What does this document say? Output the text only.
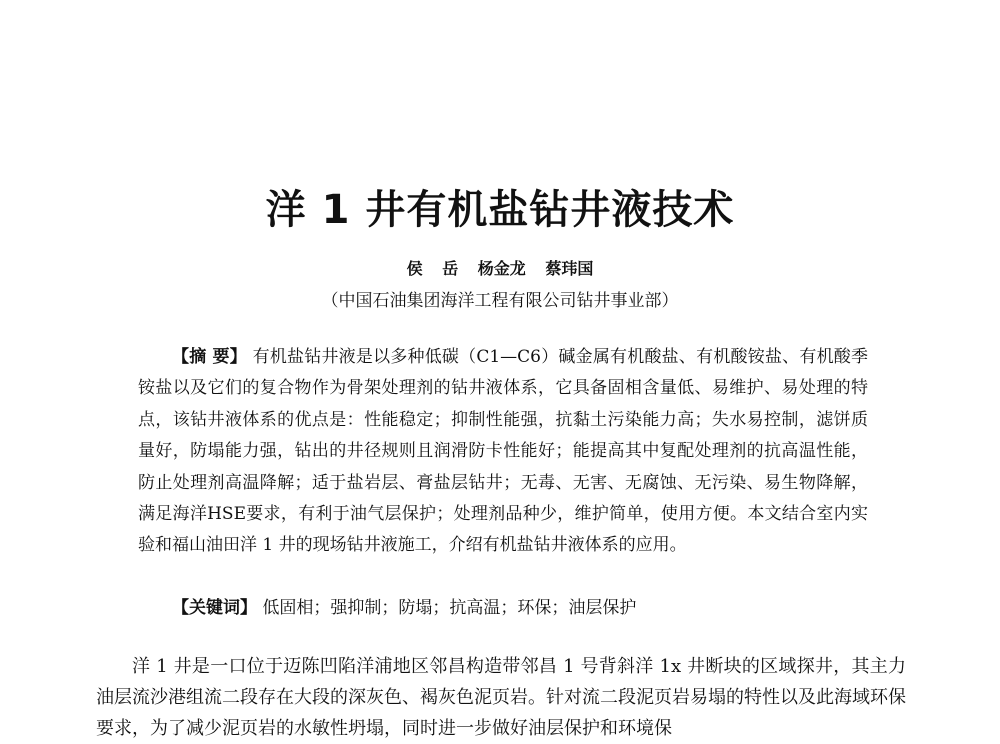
洋 1 井有机盐钻井液技术
侯 岳 杨金龙 蔡玮国
（中国石油集团海洋工程有限公司钻井事业部）

【摘 要】 有机盐钻井液是以多种低碳（C1—C6）碱金属有机酸盐、有机酸铵盐、有机酸季铵盐以及它们的复合物作为骨架处理剂的钻井液体系，它具备固相含量低、易维护、易处理的特点，该钻井液体系的优点是：性能稳定；抑制性能强，抗黏土污染能力高；失水易控制，滤饼质量好，防塌能力强，钻出的井径规则且润滑防卡性能好；能提高其中复配处理剂的抗高温性能，防止处理剂高温降解；适于盐岩层、膏盐层钻井；无毒、无害、无腐蚀、无污染、易生物降解，满足海洋HSE要求，有利于油气层保护；处理剂品种少，维护简单，使用方便。本文结合室内实验和福山油田洋 1 井的现场钻井液施工，介绍有机盐钻井液体系的应用。

【关键词】 低固相；强抑制；防塌；抗高温；环保；油层保护

洋 1 井是一口位于迈陈凹陷洋浦地区邻昌构造带邻昌 1 号背斜洋 1x 井断块的区域探井，其主力油层流沙港组流二段存在大段的深灰色、褐灰色泥页岩。针对流二段泥页岩易塌的特性以及此海域环保要求，为了减少泥页岩的水敏性坍塌，同时进一步做好油层保护和环境保
